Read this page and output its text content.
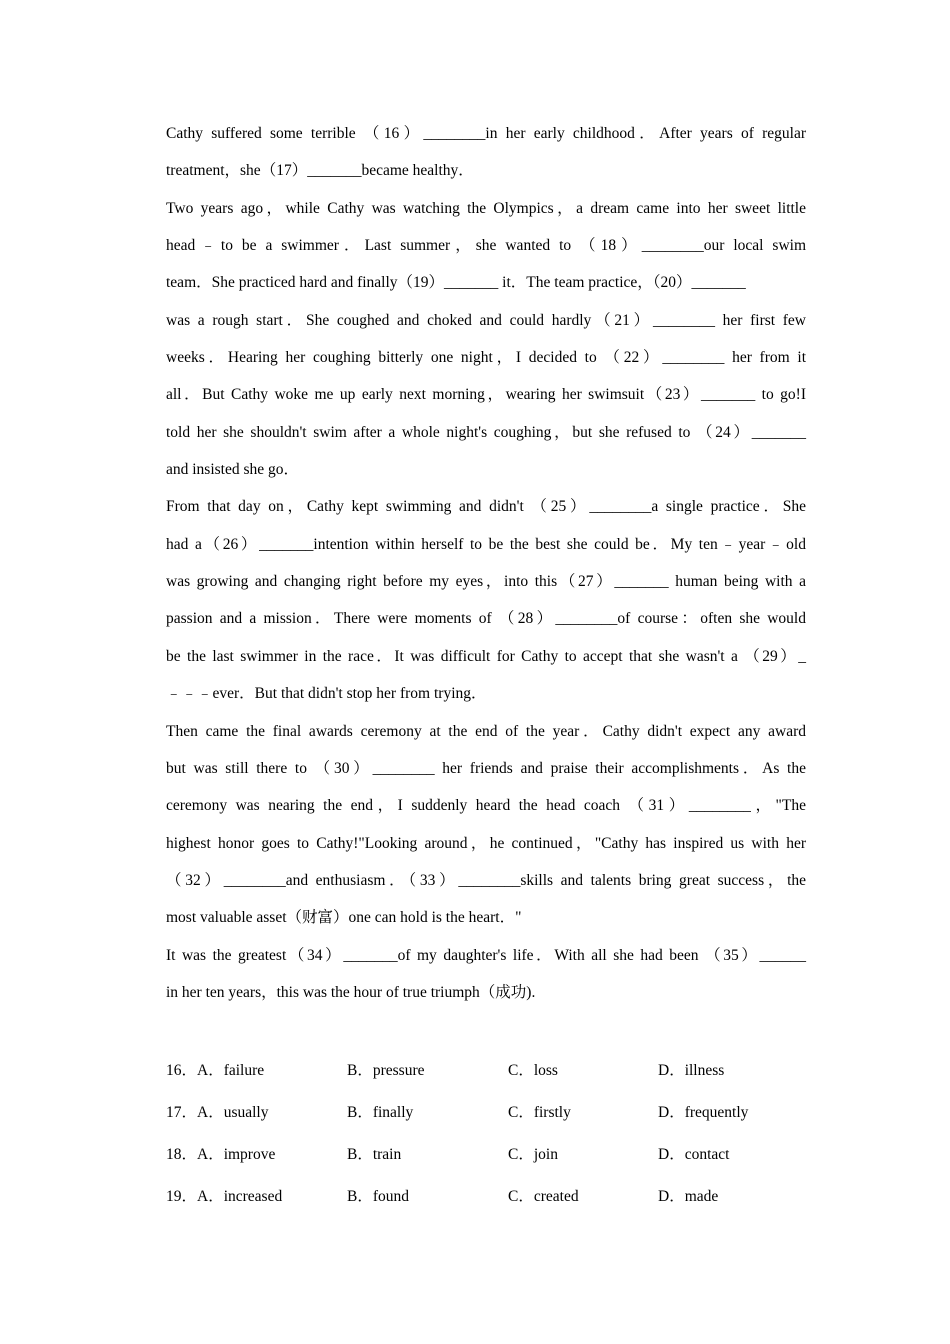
Cathy suffered some terrible （16）________in her early childhood．After years of regular
treatment，she（17）_______became healthy．
Two years ago，while Cathy was watching the Olympics，a dream came into her sweet little
head﹣to be a swimmer．Last summer，she wanted to （18）________our local swim
team．She practiced hard and finally（19）_______ it．The team practice，（20）_______
was a rough start．She coughed and choked and could hardly（21）________ her first few
weeks．Hearing her coughing bitterly one night，I decided to （22）________ her from it
all．But Cathy woke me up early next morning，wearing her swimsuit（23）_______ to go!I
told her she shouldn't swim after a whole night's coughing，but she refused to （24）_______
and insisted she go．
From that day on，Cathy kept swimming and didn't （25）________a single practice．She
had a（26）_______intention within herself to be the best she could be．My ten﹣year﹣old
was growing and changing right before my eyes，into this（27）_______ human being with a
passion and a mission．There were moments of （28）________of course：often she would
be the last swimmer in the race．It was difficult for Cathy to accept that she wasn't a （29）_
﹣﹣﹣ever．But that didn't stop her from trying．
Then came the final awards ceremony at the end of the year．Cathy didn't expect any award
but was still there to （30）________ her friends and praise their accomplishments．As the
ceremony was nearing the end，I suddenly heard the head coach （31）________，"The
highest honor goes to Cathy!"Looking around，he continued，"Cathy has inspired us with her
（32）________and enthusiasm．（33）________skills and talents bring great success，the
most valuable asset（财富）one can hold is the heart．"
It was the greatest（34）_______of my daughter's life．With all she had been （35）______
in her ten years，this was the hour of true triumph（成功).
16．A．failure	B．pressure	C．loss	D．illness
17．A．usually	B．finally	C．firstly	D．frequently
18．A．improve	B．train	C．join	D．contact
19．A．increased	B．found	C．created	D．made
